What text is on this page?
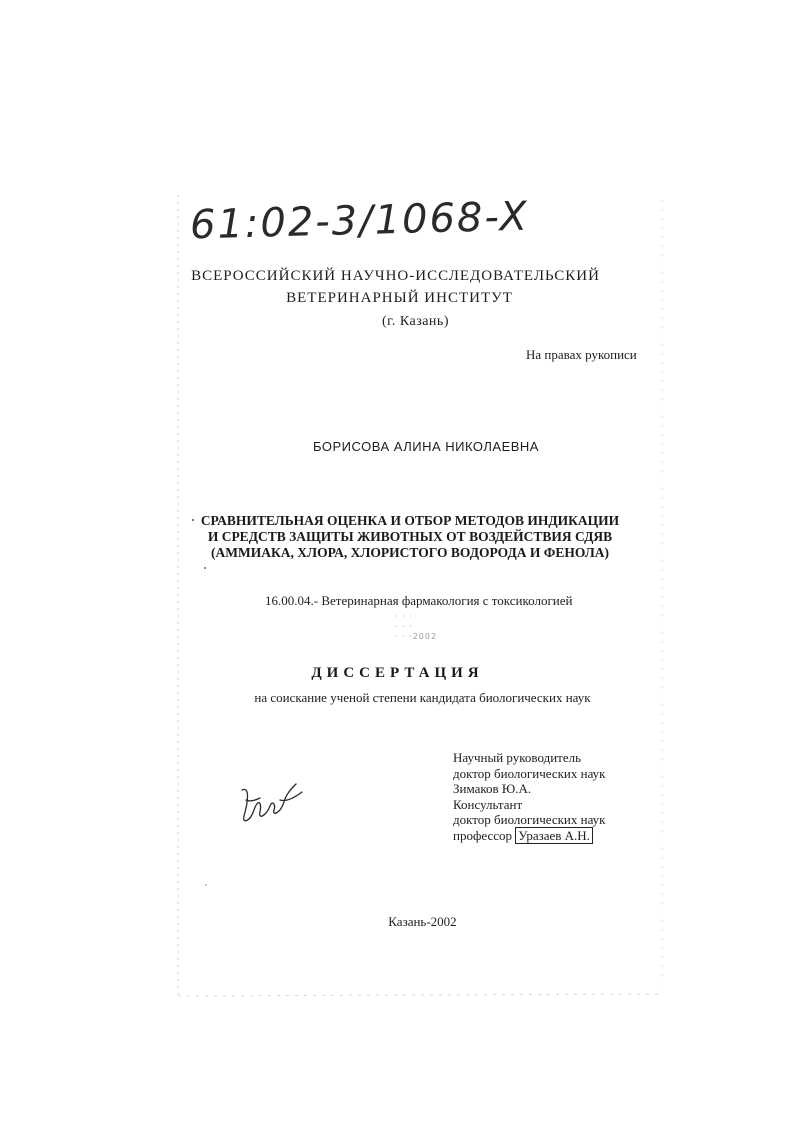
61:02-3/1068-X
ВСЕРОССИЙСКИЙ НАУЧНО-ИССЛЕДОВАТЕЛЬСКИЙ
ВЕТЕРИНАРНЫЙ ИНСТИТУТ
(г. Казань)
На правах рукописи
БОРИСОВА АЛИНА НИКОЛАЕВНА
СРАВНИТЕЛЬНАЯ ОЦЕНКА И ОТБОР МЕТОДОВ ИНДИКАЦИИ
И СРЕДСТВ ЗАЩИТЫ ЖИВОТНЫХ ОТ ВОЗДЕЙСТВИЯ СДЯВ
(АММИАКА, ХЛОРА, ХЛОРИСТОГО ВОДОРОДА И ФЕНОЛА)
16.00.04.- Ветеринарная фармакология с токсикологией
· · ·
· · ·
· · ·2002
ДИССЕРТАЦИЯ
на соискание ученой степени кандидата биологических наук
Научный руководитель
доктор биологических наук
Зимаков Ю.А.
Консультант
доктор биологических наук
профессор Уразаев А.Н.
Казань-2002
